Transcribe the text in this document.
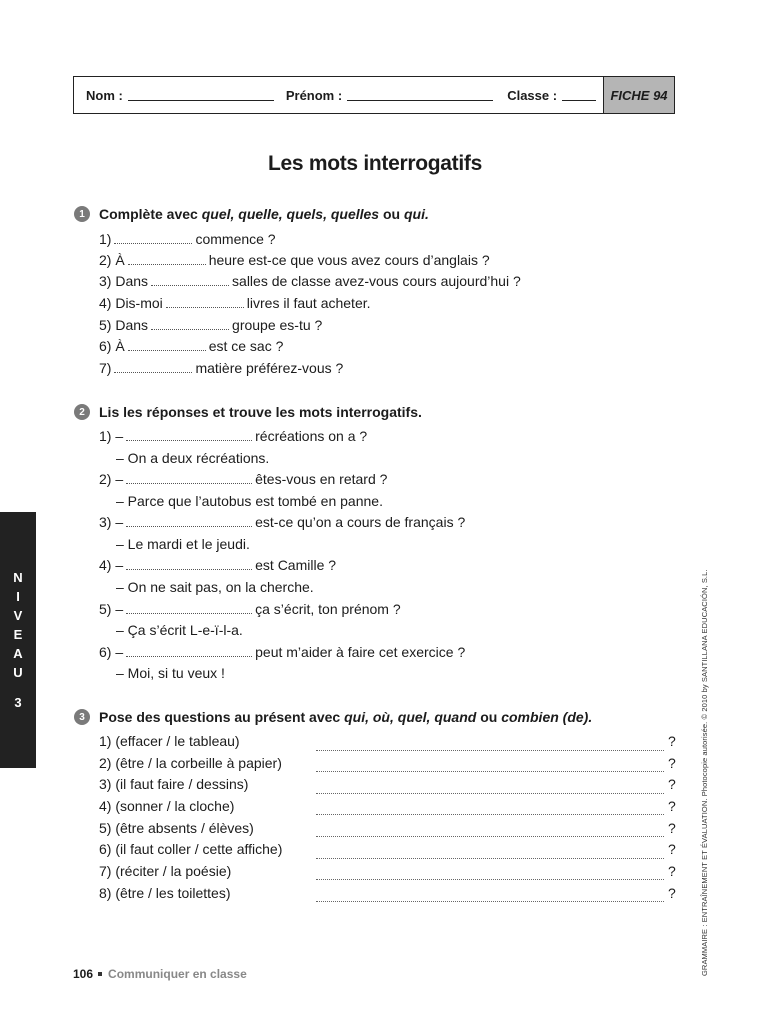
Nom :	Prénom :	Classe :	FICHE 94
Les mots interrogatifs
1	Complète avec quel, quelle, quels, quelles ou qui.
1)	commence ?
2) À	heure est-ce que vous avez cours d’anglais ?
3) Dans	salles de classe avez-vous cours aujourd’hui ?
4) Dis-moi	livres il faut acheter.
5) Dans	groupe es-tu ?
6) À	est ce sac ?
7)	matière préférez-vous ?
2	Lis les réponses et trouve les mots interrogatifs.
1) –	récréations on a ?
– On a deux récréations.
2) –	êtes-vous en retard ?
– Parce que l’autobus est tombé en panne.
3) –	est-ce qu’on a cours de français ?
– Le mardi et le jeudi.
4) –	est Camille ?
– On ne sait pas, on la cherche.
5) –	ça s’écrit, ton prénom ?
– Ça s’écrit L-e-ï-l-a.
6) –	peut m’aider à faire cet exercice ?
– Moi, si tu veux !
3	Pose des questions au présent avec qui, où, quel, quand ou combien (de).
1) (effacer / le tableau)	?
2) (être / la corbeille à papier)	?
3) (il faut faire / dessins)	?
4) (sonner / la cloche)	?
5) (être absents / élèves)	?
6) (il faut coller / cette affiche)	?
7) (réciter / la poésie)	?
8) (être / les toilettes)	?
N
I
V
E
A
U
3	GRAMMAIRE : ENTRAÎNEMENT ET ÉVALUATION. Photocopie autorisée. © 2010 by SANTILLANA EDUCACIÓN, S.L.
106 Communiquer en classe
